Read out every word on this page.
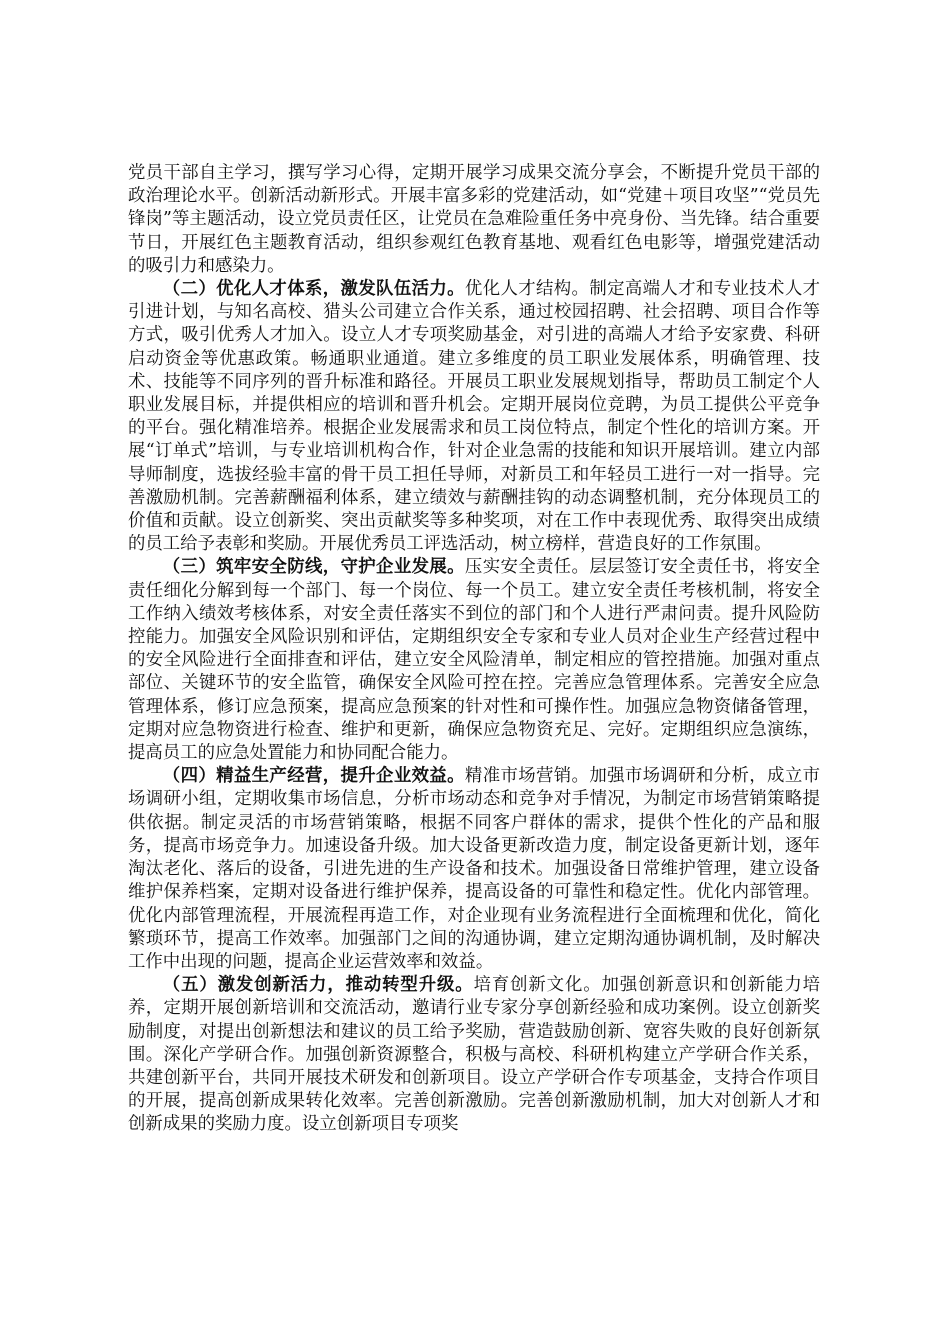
党员干部自主学习，撰写学习心得，定期开展学习成果交流分享会，不断提升党员干部的政治理论水平。创新活动新形式。开展丰富多彩的党建活动，如“党建＋项目攻坚”“党员先锋岗”等主题活动，设立党员责任区，让党员在急难险重任务中亮身份、当先锋。结合重要节日，开展红色主题教育活动，组织参观红色教育基地、观看红色电影等，增强党建活动的吸引力和感染力。

（二）优化人才体系，激发队伍活力。优化人才结构。制定高端人才和专业技术人才引进计划，与知名高校、猎头公司建立合作关系，通过校园招聘、社会招聘、项目合作等方式，吸引优秀人才加入。设立人才专项奖励基金，对引进的高端人才给予安家费、科研启动资金等优惠政策。畅通职业通道。建立多维度的员工职业发展体系，明确管理、技术、技能等不同序列的晋升标准和路径。开展员工职业发展规划指导，帮助员工制定个人职业发展目标，并提供相应的培训和晋升机会。定期开展岗位竞聘，为员工提供公平竞争的平台。强化精准培养。根据企业发展需求和员工岗位特点，制定个性化的培训方案。开展“订单式”培训，与专业培训机构合作，针对企业急需的技能和知识开展培训。建立内部导师制度，选拔经验丰富的骨干员工担任导师，对新员工和年轻员工进行一对一指导。完善激励机制。完善薪酬福利体系，建立绩效与薪酬挂钩的动态调整机制，充分体现员工的价值和贡献。设立创新奖、突出贡献奖等多种奖项，对在工作中表现优秀、取得突出成绩的员工给予表彰和奖励。开展优秀员工评选活动，树立榜样，营造良好的工作氛围。

（三）筑牢安全防线，守护企业发展。压实安全责任。层层签订安全责任书，将安全责任细化分解到每一个部门、每一个岗位、每一个员工。建立安全责任考核机制，将安全工作纳入绩效考核体系，对安全责任落实不到位的部门和个人进行严肃问责。提升风险防控能力。加强安全风险识别和评估，定期组织安全专家和专业人员对企业生产经营过程中的安全风险进行全面排查和评估，建立安全风险清单，制定相应的管控措施。加强对重点部位、关键环节的安全监管，确保安全风险可控在控。完善应急管理体系。完善安全应急管理体系，修订应急预案，提高应急预案的针对性和可操作性。加强应急物资储备管理，定期对应急物资进行检查、维护和更新，确保应急物资充足、完好。定期组织应急演练，提高员工的应急处置能力和协同配合能力。

（四）精益生产经营，提升企业效益。精准市场营销。加强市场调研和分析，成立市场调研小组，定期收集市场信息，分析市场动态和竞争对手情况，为制定市场营销策略提供依据。制定灵活的市场营销策略，根据不同客户群体的需求，提供个性化的产品和服务，提高市场竞争力。加速设备升级。加大设备更新改造力度，制定设备更新计划，逐年淘汰老化、落后的设备，引进先进的生产设备和技术。加强设备日常维护管理，建立设备维护保养档案，定期对设备进行维护保养，提高设备的可靠性和稳定性。优化内部管理。优化内部管理流程，开展流程再造工作，对企业现有业务流程进行全面梳理和优化，简化繁琐环节，提高工作效率。加强部门之间的沟通协调，建立定期沟通协调机制，及时解决工作中出现的问题，提高企业运营效率和效益。

（五）激发创新活力，推动转型升级。培育创新文化。加强创新意识和创新能力培养，定期开展创新培训和交流活动，邀请行业专家分享创新经验和成功案例。设立创新奖励制度，对提出创新想法和建议的员工给予奖励，营造鼓励创新、宽容失败的良好创新氛围。深化产学研合作。加强创新资源整合，积极与高校、科研机构建立产学研合作关系，共建创新平台，共同开展技术研发和创新项目。设立产学研合作专项基金，支持合作项目的开展，提高创新成果转化效率。完善创新激励。完善创新激励机制，加大对创新人才和创新成果的奖励力度。设立创新项目专项奖
